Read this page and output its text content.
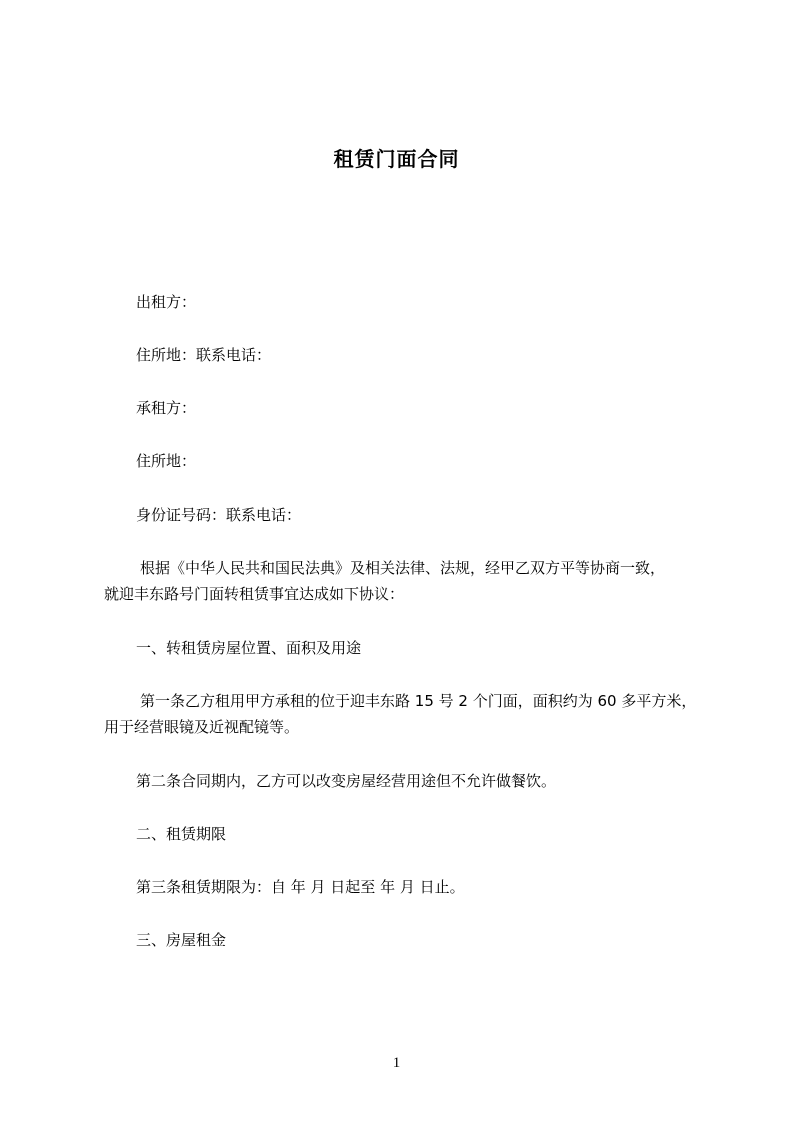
租赁门面合同
出租方：
住所地：联系电话：
承租方：
住所地：
身份证号码：联系电话：
根据《中华人民共和国民法典》及相关法律、法规，经甲乙双方平等协商一致，
就迎丰东路号门面转租赁事宜达成如下协议：
一、转租赁房屋位置、面积及用途
第一条乙方租用甲方承租的位于迎丰东路 15 号 2 个门面，面积约为 60 多平方米，
用于经营眼镜及近视配镜等。
第二条合同期内，乙方可以改变房屋经营用途但不允许做餐饮。
二、租赁期限
第三条租赁期限为：自 年 月 日起至 年 月 日止。
三、房屋租金
1
